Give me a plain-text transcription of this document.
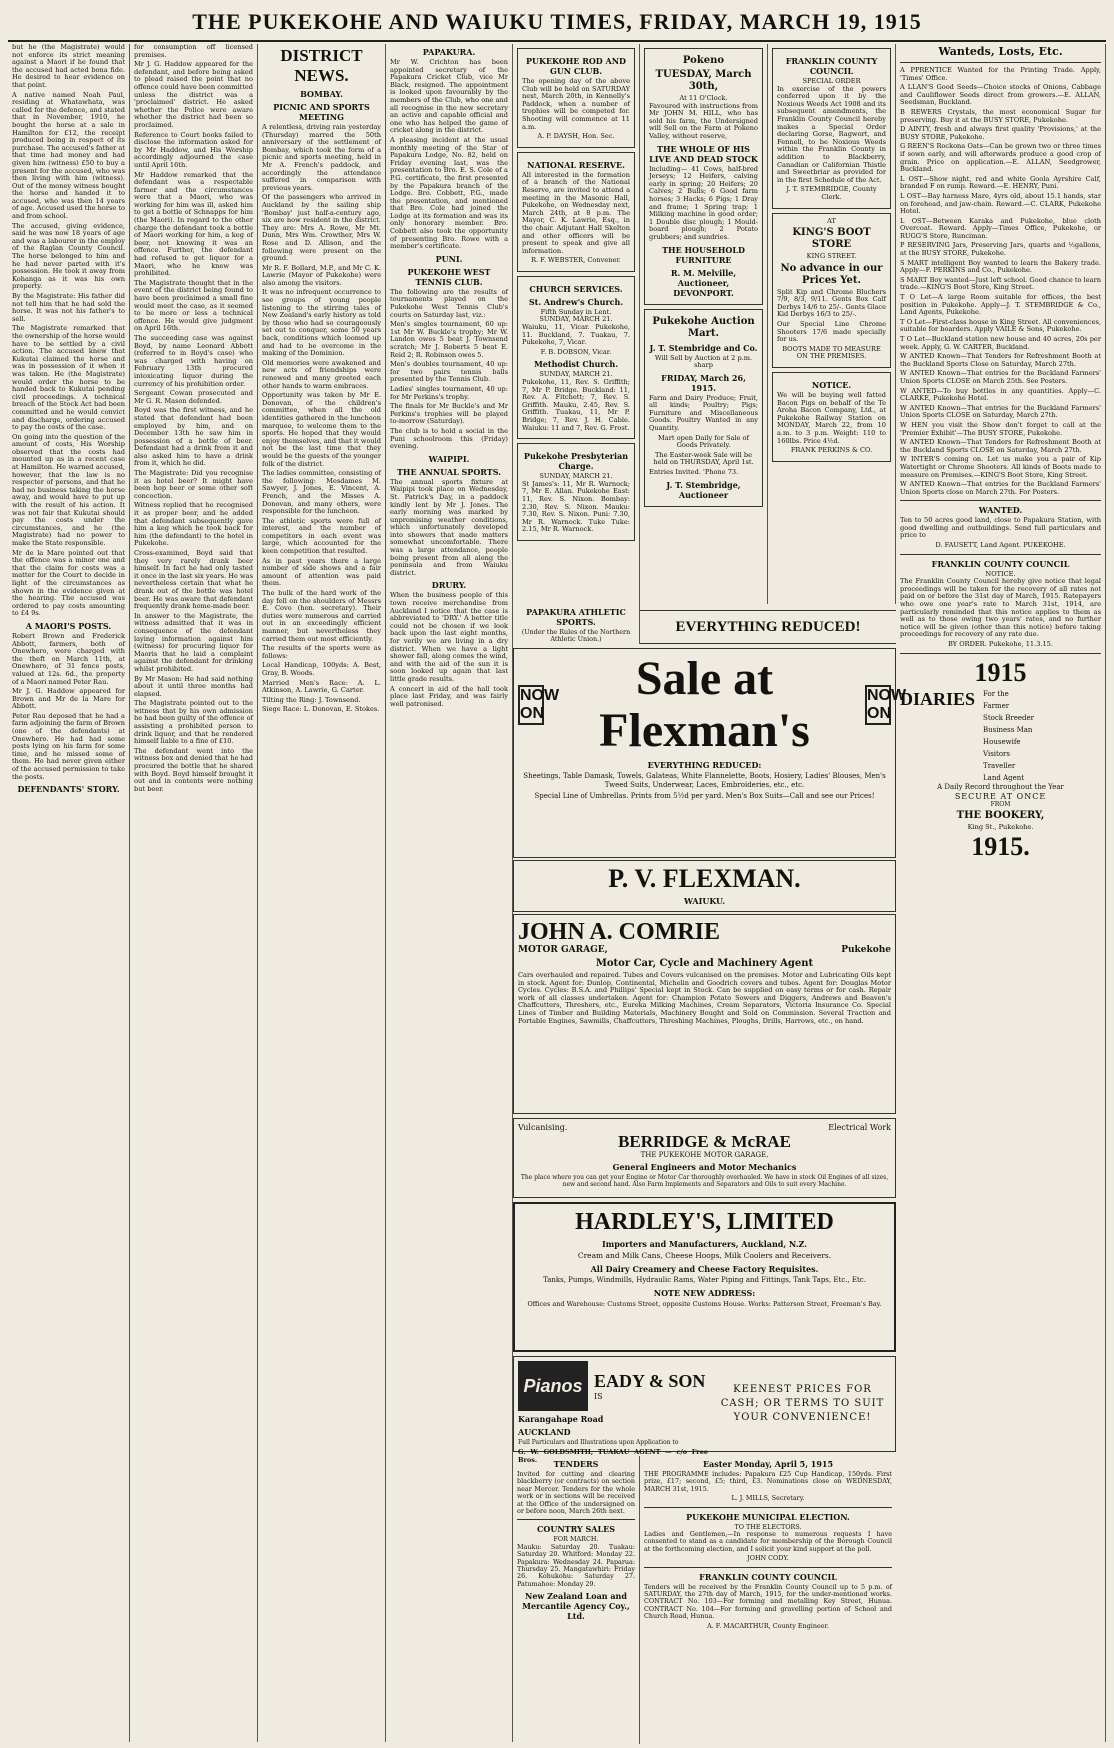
THE PUKEKOHE AND WAIUKU TIMES, FRIDAY, MARCH 19, 1915

but he (the Magistrate) would not enforce its strict meaning against a Maori if he found that the accused had acted bona fide. He desired to hear evidence on that point.

A native named Noah Paul, residing at Whatawhata, was called for the defence, and stated that in November, 1910, he bought the horse at a sale in Hamilton for £12, the receipt produced being in respect of its purchase. The accused's father at that time had money and had given him (witness) £50 to buy a present for the accused, who was then living with him (witness). Out of the money witness bought the horse and handed it to accused, who was then 14 years of age. Accused used the horse to and from school.

The accused, giving evidence, said he was now 18 years of age and was a labourer in the employ of the Raglan County Council. The horse belonged to him and he had never parted with it's possession. He took it away from Kohanga as it was his own property.

By the Magistrate: His father did not tell him that he had sold the horse. It was not his father's to sell.

The Magistrate remarked that the ownership of the horse would have to be settled by a civil action. The accused knew that Kukutai claimed the horse and was in possession of it when it was taken. He (the Magistrate) would order the horse to be handed back to Kukutai pending civil proceedings. A technical breach of the Stock Act had been committed and he would convict and discharge, ordering accused to pay the costs of the case.

On going into the question of the amount of costs, His Worship observed that the costs had mounted up as in a recent case at Hamilton. He warned accused, however, that the law is no respecter of persons, and that he had no business taking the horse away, and would have to put up with the result of his action. It was not fair that Kukutai should pay the costs under the circumstances, and he (the Magistrate) had no power to make the State responsible.

Mr de la Mare pointed out that the offence was a minor one and that the claim for costs was a matter for the Court to decide in light of the circumstances as shown in the evidence given at the hearing. The accused was ordered to pay costs amounting to £4 9s.

A MAORI'S POSTS.

Robert Brown and Frederick Abbott, farmers, both of Onewhero, were charged with the theft on March 11th, at Onewhero, of 31 fence posts, valued at 12s. 6d., the property of a Maori named Peter Rau.

Mr J. G. Haddow appeared for Brown and Mr de la Mare for Abbott.

Peter Rau deposed that he had a farm adjoining the farm of Brown (one of the defendants) at Onewhero. He had had some posts lying on his farm for some time, and he missed some of them. He had never given either of the accused permission to take the posts.

DEFENDANTS' STORY.

for consumption off licensed premises.

Mr J. G. Haddow appeared for the defendant, and before being asked to plead raised the point that no offence could have been committed unless the district was a 'proclaimed' district. He asked whether the Police were aware whether the district had been so proclaimed.

Reference to Court books failed to disclose the information asked for by Mr Haddow, and His Worship accordingly adjourned the case until April 16th.

Mr Haddow remarked that the defendant was a respectable farmer and the circumstances were that a Maori, who was working for him was ill, asked him to get a bottle of Schnapps for him (the Maori). In regard to the other charge the defendant took a bottle of Maori working for him, a keg of beer, not knowing it was an offence. Further, the defendant had refused to get liquor for a Maori, who he knew was prohibited.

The Magistrate thought that in the event of the district being found to have been proclaimed a small fine would meet the case, as it seemed to be more or less a technical offence. He would give judgment on April 16th.

The succeeding case was against Boyd, by name Leonard Abbott (referred to in Boyd's case) who was charged with having on February 13th procured intoxicating liquor during the currency of his prohibition order.

Sergeant Cowan prosecuted and Mr G. R. Mason defended.

Boyd was the first witness, and he stated that defendant had been employed by him, and on December 13th he saw him in possession of a bottle of beer. Defendant had a drink from it and also asked him to have a drink from it, which he did.

The Magistrate: Did you recognise it as hotel beer? It might have been hop beer or some other soft concoction.

Witness replied that he recognised it as proper beer, and he added that defendant subsequently gave him a keg which he took back for him (the defendant) to the hotel in Pukekohe.

Cross-examined, Boyd said that they very rarely drank beer himself. In fact he had only tasted it once in the last six years. He was nevertheless certain that what he drank out of the bottle was hotel beer. He was aware that defendant frequently drank home-made beer.

In answer to the Magistrate, the witness admitted that it was in consequence of the defendant laying information against him (witness) for procuring liquor for Maoris that he laid a complaint against the defendant for drinking whilst prohibited.

By Mr Mason: He had said nothing about it until three months had elapsed.

The Magistrate pointed out to the witness that by his own admission he had been guilty of the offence of assisting a prohibited person to drink liquor, and that he rendered himself liable to a fine of £10.

The defendant went into the witness box and denied that he had procured the bottle that he shared with Boyd. Boyd himself brought it out and in contents were nothing but beer.

DISTRICT NEWS.
BOMBAY.
PICNIC AND SPORTS MEETING

A relentless, driving rain yesterday (Thursday) marred the 50th anniversary of the settlement of Bombay, which took the form of a picnic and sports meeting, held in Mr A. French's paddock, and accordingly the attendance suffered in comparison with previous years.

Of the passengers who arrived in Auckland by the sailing ship 'Bombay' just half-a-century ago, six are now resident in the district. They are: Mrs A. Rowe, Mr Mt. Dunn, Mrs Wm. Crowther, Mrs W. Rose and D. Allison, and the following were present on the ground.

Mr R. F. Bollard, M.P., and Mr C. K. Lawrie (Mayor of Pukekohe) were also among the visitors.

It was no infrequent occurrence to see groups of young people listening to the stirring tales of New Zealand's early history as told by those who had so courageously set out to conquer, some 50 years back, conditions which loomed up and had to be overcome in the making of the Dominion.

Old memories were awakened and new acts of friendships were renewed and many greeted each other hands to warm embraces.

Opportunity was taken by Mr E. Donovan, of the children's committee, when all the old identities gathered in the luncheon marquee, to welcome them to the sports. He hoped that they would enjoy themselves, and that it would not be the last time that they would be the guests of the younger folk of the district.

The ladies committee, consisting of the following: Mesdames M. Sawyer, J. Jones, E. Vincent, A. French, and the Misses A. Donovan, and many others, were responsible for the luncheon.

The athletic sports were full of interest, and the number of competitors in each event was large, which accounted for the keen competition that resulted.

As in past years there a large number of side shows and a fair amount of attention was paid them.

The bulk of the hard work of the day fell on the shoulders of Messrs E. Covo (hon. secretary). Their duties were numerous and carried out in an exceedingly efficient manner, but nevertheless they carried them out most efficiently.

The results of the sports were as follows:

Local Handicap, 100yds: A. Best, Gray, B. Woods.

Married Men's Race: A. L. Atkinson, A. Lawrie, G. Carter.

Tilting the Ring: J. Townsend.

Siege Race: L. Donovan, E. Stokes.

PAPAKURA.

Mr W. Crichton has been appointed secretary of the Papakura Cricket Club, vice Mr Black, resigned. The appointment is looked upon favourably by the members of the Club, who one and all recognise in the new secretary an active and capable official and one who has helped the game of cricket along in the district.

A pleasing incident at the usual monthly meeting of the Star of Papakura Lodge, No. 82, held on Friday evening last, was the presentation to Bro. E. S. Cole of a P.G. certificate, the first presented by the Papakura branch of the Lodge. Bro. Cobbett, P.G., made the presentation, and mentioned that Bro. Cole had joined the Lodge at its formation and was its only honorary member. Bro. Cobbett also took the opportunity of presenting Bro. Rowe with a member's certificate.

PUNI.
PUKEKOHE WEST TENNIS CLUB.

The following are the results of tournaments played on the Pukekohe West Tennis Club's courts on Saturday last, viz.:

Men's singles tournament, 60 up: 1st Mr W. Buckle's trophy; Mr W. Landon owes 5 beat J. Townsend scratch; Mr J. Roberts 5 beat E. Reid 2; R. Robinson owes 5.

Men's doubles tournament, 40 up: for two pairs tennis balls presented by the Tennis Club.

Ladies' singles tournament, 40 up: for Mr Perkins's trophy.

The finals for Mr Buckle's and Mr Perkins's trophies will be played to-morrow (Saturday).

The club is to hold a social in the Puni schoolroom this (Friday) evening.

WAIPIPI.
THE ANNUAL SPORTS.

The annual sports fixture at Waipipi took place on Wednesday, St. Patrick's Day, in a paddock kindly lent by Mr J. Jones. The early morning was marked by unpromising weather conditions, which unfortunately developed into showers that made matters somewhat uncomfortable. There was a large attendance, people being present from all along the peninsula and from Waiuku district.

DRURY.

When the business people of this town receive merchandise from Auckland I notice that the case is abbreviated to 'DRY.' A better title could not be chosen if we look back upon the last eight months, for verily we are living in a dry district. When we have a light shower fall, along comes the wind, and with the aid of the sun it is soon looked up again that last little grade results.

A concert in aid of the hall took place last Friday, and was fairly well patronised.

PUKEKOHE ROD AND GUN CLUB.

The opening day of the above Club will be held on SATURDAY next, March 20th, in Kennelly's Paddock, when a number of trophies will be competed for. Shooting will commence at 11 a.m.

A. P. DAYSH, Hon. Sec.

NATIONAL RESERVE.

All interested in the formation of a branch of the National Reserve, are invited to attend a meeting in the Masonic Hall, Pukekohe, on Wednesday next, March 24th, at 8 p.m. The Mayor, C. K. Lawrie, Esq., in the chair. Adjutant Hall Skelton and other officers will be present to speak and give all information.

R. F. WEBSTER, Convener.

CHURCH SERVICES.
St. Andrew's Church.
Fifth Sunday in Lent.
SUNDAY, MARCH 21.

Waiuku, 11, Vicar. Pukekohe, 11. Buckland, 7. Tuakau, 7. Pukekohe, 7, Vicar.

F. B. DOBSON, Vicar.

Methodist Church.
SUNDAY, MARCH 21.

Pukekohe, 11, Rev. S. Griffith; 7, Mr P. Bridge. Buckland: 11, Rev. A. Fitchett; 7, Rev. S. Griffith. Mauku, 2.45, Rev. S. Griffith. Tuakau, 11, Mr P. Bridge; 7, Rev. J. H. Cable. Waiuku: 11 and 7, Rev. G. Frost.

Pukekohe Presbyterian Charge.
SUNDAY, MARCH 21.

St James's: 11, Mr R. Warnock; 7, Mr E. Allan. Pukekohe East: 11, Rev. S. Nixon. Bombay: 2.30, Rev. S. Nixon. Mauku: 7.30, Rev. S. Nixon. Puni: 7.30, Mr R. Warnock. Tuke Tuke: 2.15, Mr R. Warnock.

Pokeno
TUESDAY, March 30th,
At 11 O'Clock.

Favoured with instructions from Mr JOHN M. HILL, who has sold his farm, the Undersigned will Sell on the Farm at Pokeno Valley, without reserve,

THE WHOLE OF HIS LIVE AND DEAD STOCK

Including— 41 Cows, half-bred Jerseys; 12 Heifers, calving early in spring; 20 Heifers; 20 Calves; 2 Bulls; 6 Good farm horses; 3 Hacks; 6 Pigs; 1 Dray and frame; 1 Spring trap; 1 Milking machine in good order; 1 Double disc plough; 1 Mould-board plough; 2 Potato grubbers; and sundries.

THE HOUSEHOLD FURNITURE
R. M. Melville, Auctioneer, DEVONPORT.
Pukekohe Auction Mart.
J. T. Stembridge and Co.

Will Sell by Auction at 2 p.m. sharp

FRIDAY, March 26, 1915.

Farm and Dairy Produce; Fruit, all kinds; Poultry; Pigs; Furniture and Miscellaneous Goods. Poultry Wanted in any Quantity.

Mart open Daily for Sale of Goods Privately.

The Easter-week Sale will be held on THURSDAY, April 1st.

Entries Invited. 'Phone 73.

J. T. Stembridge, Auctioneer
FRANKLIN COUNTY COUNCIL
SPECIAL ORDER

In exercise of the powers conferred upon it by the Noxious Weeds Act 1908 and its subsequent amendments, the Franklin County Council hereby makes a Special Order declaring Gorse, Ragwort, and Fennell, to be Noxious Weeds within the Franklin County in addition to Blackberry, Canadian or Californian Thistle and Sweetbriar as provided for in the first Schedule of the Act.

J. T. STEMBRIDGE, County Clerk.

AT
KING'S BOOT STORE
KING STREET.
No advance in our Prices Yet.

Split Kip and Chrome Bluchers 7/9, 8/3, 9/11. Gents Box Calf Derbys 14/6 to 25/-. Gents Glace Kid Derbys 16/3 to 25/-.

Our Special Line Chrome Shooters 17/6 made specially for us.

BOOTS MADE TO MEASURE ON THE PREMISES.

NOTICE.

We will be buying well fatted Bacon Pigs on behalf of the Te Aroha Bacon Company, Ltd., at Pukekohe Railway Station on MONDAY, March 22, from 10 a.m. to 3 p.m. Weight: 110 to 160lbs. Price 4½d.

FRANK PERKINS & CO.

EVERYTHING REDUCED!
NOW ON
Sale at
Flexman's
NOW ON
EVERYTHING REDUCED:

Sheetings, Table Damask, Towels, Galateas, White Flannelette, Boots, Hosiery, Ladies' Blouses, Men's Tweed Suits, Underwear, Laces, Embroideries, etc., etc.

Special Line of Umbrellas. Prints from 5½d per yard. Men's Box Suits—Call and see our Prices!

P. V. FLEXMAN.
WAIUKU.
JOHN A. COMRIE
MOTOR GARAGE,	Pukekohe
Motor Car, Cycle and Machinery Agent

Cars overhauled and repaired. Tubes and Covers vulcanised on the premises. Motor and Lubricating Oils kept in stock. Agent for: Dunlop, Continental, Michelin and Goodrich covers and tubes. Agent for: Douglas Motor Cycles. Cycles: B.S.A. and Phillips' Special kept in Stock. Can be supplied on easy terms or for cash. Repair work of all classes undertaken. Agent for: Champion Potato Sowers and Diggers, Andrews and Beaven's Chaffcutters, Threshers, etc., Eureka Milking Machines, Cream Separators, Victoria Insurance Co. Special Lines of Timber and Building Materials, Machinery Bought and Sold on Commission. Several Traction and Portable Engines, Sawmills, Chaffcutters, Threshing Machines, Ploughs, Drills, Harrows, etc., on hand.

Vulcanising.	Electrical Work
BERRIDGE & McRAE
THE PUKEKOHE MOTOR GARAGE.
General Engineers and Motor Mechanics

The place where you can get your Engine or Motor Car thoroughly overhauled. We have in stock Oil Engines of all sizes, new and second hand. Also Farm Implements and Separators and Oils to suit every Machine.

HARDLEY'S, LIMITED
Importers and Manufacturers, Auckland, N.Z.

Cream and Milk Cans, Cheese Hoops, Milk Coolers and Receivers.

All Dairy Creamery and Cheese Factory Requisites.

Tanks, Pumps, Windmills, Hydraulic Rams, Water Piping and Fittings, Tank Taps, Etc., Etc.

NOTE NEW ADDRESS:

Offices and Warehouse: Customs Street, opposite Customs House. Works: Patterson Street, Freeman's Bay.

Pianos EADY & SON
IS
Karangahape Road
AUCKLAND

Full Particulars and Illustrations upon Application to

G. W. GOLDSMITH, TUAKAU AGENT — c/o Free Bros.

KEENEST PRICES FOR CASH; OR TERMS TO SUIT YOUR CONVENIENCE!
TENDERS

Invited for cutting and clearing blackberry (or contracts) on section near Mercer. Tenders for the whole work or in sections will be received at the Office of the undersigned on or before noon, March 26th next.

COUNTRY SALES
FOR MARCH.

Mauku: Saturday 20. Tuakau: Saturday 20. Whitford: Monday 22. Papakura: Wednesday 24. Paparua: Thursday 25. Mangatawhiri: Friday 26. Kohukohu: Saturday 27. Patumahoe: Monday 29.

New Zealand Loan and Mercantile Agency Coy., Ltd.
Wanteds, Losts, Etc.

A PPRENTICE Wanted for the Printing Trade. Apply, 'Times' Office.

A LLAN'S Good Seeds—Choice stocks of Onions, Cabbage and Cauliflower Seeds direct from growers.—E. ALLAN, Seedsman, Buckland.

B REWERS Crystals, the most economical Sugar for preserving. Buy it at the BUSY STORE, Pukekohe.

D AINTY, fresh and always first quality 'Provisions,' at the BUSY STORE, Pukekohe.

G REEN'S Rockona Oats—Can be grown two or three times if sown early, and will afterwards produce a good crop of grain. Price on application.—E. ALLAN, Seedgrower, Buckland.

L OST—Show night, red and white Goola Ayrshire Calf, branded F on rump. Reward.—E. HENRY, Puni.

L OST—Bay harness Mare, 4yrs old, about 15.1 hands, star on forehead, and jaw-chain. Reward.—C. CLARK, Pukekohe Hotel.

L OST—Between Karaka and Pukekohe, blue cloth Overcoat. Reward. Apply—Times Office, Pukekohe, or RUGG'S Store, Runciman.

P RESERVING Jars, Preserving Jars, quarts and ½gallons, at the BUSY STORE, Pukekohe.

S MART intelligent Boy wanted to learn the Bakery trade. Apply—F. PERKINS and Co., Pukekohe.

S MART Boy wanted—Just left school. Good chance to learn trade.—KING'S Boot Store, King Street.

T O Let—A large Room suitable for offices, the best position in Pukekohe. Apply—J. T. STEMBRIDGE & Co., Land Agents, Pukekohe.

T O Let—First-class house in King Street. All conveniences, suitable for boarders. Apply VAILE & Sons, Pukekohe.

T O Let—Buckland station new house and 40 acres, 20s per week. Apply, G. W. CARTER, Buckland.

W ANTED Known—That Tenders for Refreshment Booth at the Buckland Sports Close on Saturday, March 27th.

W ANTED Known—That entries for the Buckland Farmers' Union Sports CLOSE on March 25th. See Posters.

W ANTED—To buy bottles in any quantities. Apply—C. CLARKE, Pukekohe Hotel.

W ANTED Known—That entries for the Buckland Farmers' Union Sports CLOSE on Saturday, March 27th.

W HEN you visit the Show don't forget to call at the 'Premier Exhibit'—The BUSY STORE, Pukekohe.

W ANTED Known—That Tenders for Refreshment Booth at the Buckland Sports CLOSE on Saturday, March 27th.

W INTER'S coming on. Let us make you a pair of Kip Watertight or Chrome Shooters. All kinds of Boots made to measure on Premises.—KING'S Boot Store, King Street.

W ANTED Known—That entries for the Buckland Farmers' Union Sports close on March 27th. For Posters.

WANTED.

Ten to 50 acres good land, close to Papakura Station, with good dwelling and outbuildings. Send full particulars and price to

D. FAUSETT, Land Agent. PUKEKOHE.

FRANKLIN COUNTY COUNCIL
NOTICE.

The Franklin County Council hereby give notice that legal proceedings will be taken for the recovery of all rates not paid on or before the 31st day of March, 1915. Ratepayers who owe one year's rate to March 31st, 1914, are particularly reminded that this notice applies to them as well as to those owing two years' rates, and no further notice will be given (other than this notice) before taking proceedings for recovery of any rate due.

BY ORDER. Pukekohe, 11.3.15.

1915
DIARIES For the
Farmer
Stock Breeder
Business Man
Housewife
Visitors
Traveller
Land Agent

A Daily Record throughout the Year

SECURE AT ONCE
FROM
THE BOOKERY,
King St., Pukekohe.
1915.
PAPAKURA ATHLETIC SPORTS.
(Under the Rules of the Northern Athletic Union.)
Easter Monday, April 5, 1915

THE PROGRAMME includes: Papakura £25 Cup Handicap, 150yds. First prize, £17; second, £5; third, £3. Nominations close on WEDNESDAY, MARCH 31st, 1915.

L. J. MILLS, Secretary.

PUKEKOHE MUNICIPAL ELECTION.
TO THE ELECTORS.

Ladies and Gentlemen,—In response to numerous requests I have consented to stand as a candidate for membership of the Borough Council at the forthcoming election, and I solicit your kind support at the poll.

JOHN CODY.

FRANKLIN COUNTY COUNCIL

Tenders will be received by the Franklin County Council up to 5 p.m. of SATURDAY, the 27th day of March, 1915, for the under-mentioned works. CONTRACT No. 103—For forming and metalling Key Street, Hunua. CONTRACT No. 104—For forming and gravelling portion of School and Church Road, Hunua.

A. F. MACARTHUR, County Engineer.
